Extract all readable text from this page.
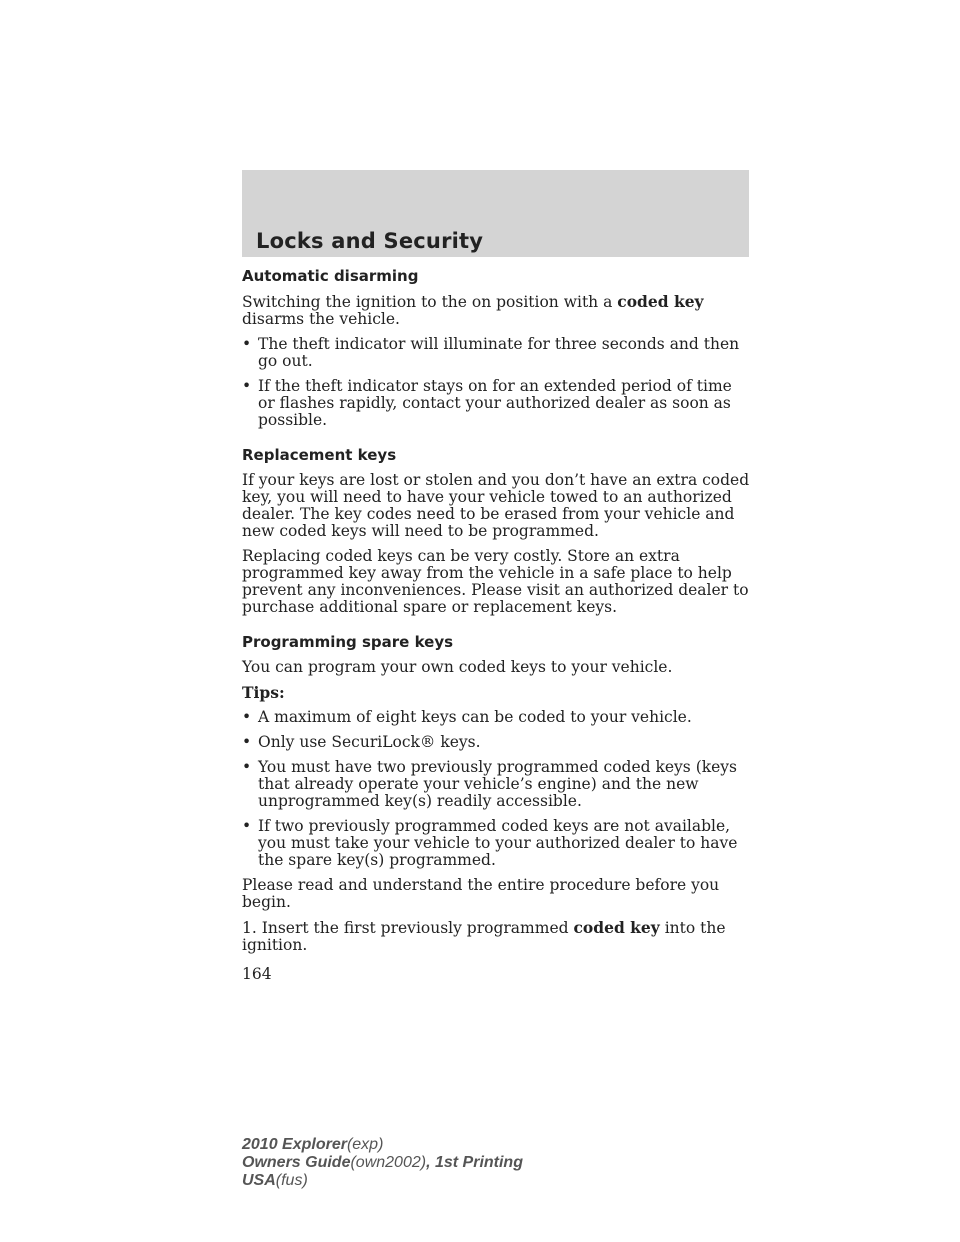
Locks and Security
Automatic disarming

Switching the ignition to the on position with a coded key disarms the vehicle.

• The theft indicator will illuminate for three seconds and then go out.
• If the theft indicator stays on for an extended period of time or flashes rapidly, contact your authorized dealer as soon as possible.
Replacement keys

If your keys are lost or stolen and you don’t have an extra coded key, you will need to have your vehicle towed to an authorized dealer. The key codes need to be erased from your vehicle and new coded keys will need to be programmed.

Replacing coded keys can be very costly. Store an extra programmed key away from the vehicle in a safe place to help prevent any inconveniences. Please visit an authorized dealer to purchase additional spare or replacement keys.

Programming spare keys

You can program your own coded keys to your vehicle.

Tips:

• A maximum of eight keys can be coded to your vehicle.
• Only use SecuriLock® keys.
• You must have two previously programmed coded keys (keys that already operate your vehicle’s engine) and the new unprogrammed key(s) readily accessible.
• If two previously programmed coded keys are not available, you must take your vehicle to your authorized dealer to have the spare key(s) programmed.

Please read and understand the entire procedure before you begin.

1. Insert the first previously programmed coded key into the ignition.

164
2010 Explorer(exp)
Owners Guide(own2002), 1st Printing
USA(fus)
